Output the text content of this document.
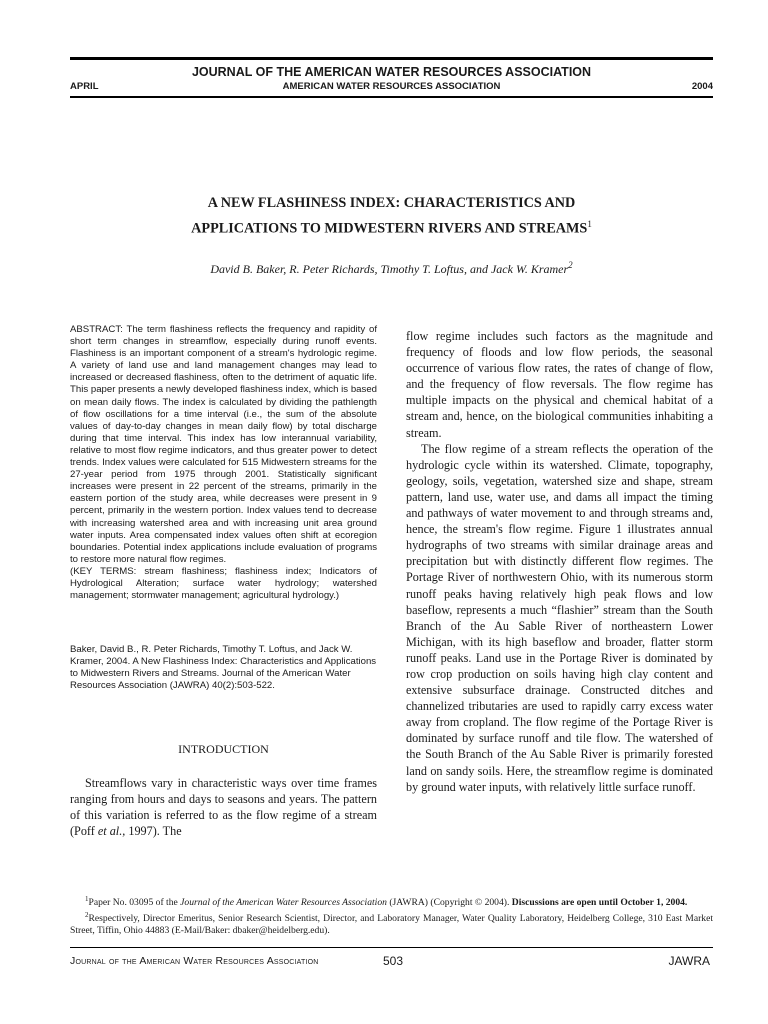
JOURNAL OF THE AMERICAN WATER RESOURCES ASSOCIATION
APRIL	AMERICAN WATER RESOURCES ASSOCIATION	2004
A NEW FLASHINESS INDEX: CHARACTERISTICS AND
APPLICATIONS TO MIDWESTERN RIVERS AND STREAMS$^1$
David B. Baker, R. Peter Richards, Timothy T. Loftus, and Jack W. Kramer$^2$

ABSTRACT: The term flashiness reflects the frequency and rapidity of short term changes in streamflow, especially during runoff events. Flashiness is an important component of a stream's hydrologic regime. A variety of land use and land management changes may lead to increased or decreased flashiness, often to the detriment of aquatic life. This paper presents a newly developed flashiness index, which is based on mean daily flows. The index is calculated by dividing the pathlength of flow oscillations for a time interval (i.e., the sum of the absolute values of day-to-day changes in mean daily flow) by total discharge during that time interval. This index has low interannual variability, relative to most flow regime indicators, and thus greater power to detect trends. Index values were calculated for 515 Midwestern streams for the 27-year period from 1975 through 2001. Statistically significant increases were present in 22 percent of the streams, primarily in the eastern portion of the study area, while decreases were present in 9 percent, primarily in the western portion. Index values tend to decrease with increasing watershed area and with increasing unit area ground water inputs. Area compensated index values often shift at ecoregion boundaries. Potential index applications include evaluation of programs to restore more natural flow regimes.

(KEY TERMS: stream flashiness; flashiness index; Indicators of Hydrological Alteration; surface water hydrology; watershed management; stormwater management; agricultural hydrology.)

Baker, David B., R. Peter Richards, Timothy T. Loftus, and Jack W. Kramer, 2004. A New Flashiness Index: Characteristics and Applications to Midwestern Rivers and Streams. Journal of the American Water Resources Association (JAWRA) 40(2):503-522.
INTRODUCTION
Streamflows vary in characteristic ways over time frames ranging from hours and days to seasons and years. The pattern of this variation is referred to as the flow regime of a stream (Poff et al., 1997). The

flow regime includes such factors as the magnitude and frequency of floods and low flow periods, the seasonal occurrence of various flow rates, the rates of change of flow, and the frequency of flow reversals. The flow regime has multiple impacts on the physical and chemical habitat of a stream and, hence, on the biological communities inhabiting a stream.

The flow regime of a stream reflects the operation of the hydrologic cycle within its watershed. Climate, topography, geology, soils, vegetation, watershed size and shape, stream pattern, land use, water use, and dams all impact the timing and pathways of water movement to and through streams and, hence, the stream's flow regime. Figure 1 illustrates annual hydrographs of two streams with similar drainage areas and precipitation but with distinctly different flow regimes. The Portage River of northwestern Ohio, with its numerous storm runoff peaks having relatively high peak flows and low baseflow, represents a much “flashier” stream than the South Branch of the Au Sable River of northeastern Lower Michigan, with its high baseflow and broader, flatter storm runoff peaks. Land use in the Portage River is dominated by row crop production on soils having high clay content and extensive subsurface drainage. Constructed ditches and channelized tributaries are used to rapidly carry excess water away from cropland. The flow regime of the Portage River is dominated by surface runoff and tile flow. The watershed of the South Branch of the Au Sable River is primarily forested land on sandy soils. Here, the streamflow regime is dominated by ground water inputs, with relatively little surface runoff.

$^1$Paper No. 03095 of the Journal of the American Water Resources Association (JAWRA) (Copyright © 2004). Discussions are open until October 1, 2004.

$^2$Respectively, Director Emeritus, Senior Research Scientist, Director, and Laboratory Manager, Water Quality Laboratory, Heidelberg College, 310 East Market Street, Tiffin, Ohio 44883 (E-Mail/Baker: dbaker@heidelberg.edu).

Journal of the American Water Resources Association	503	JAWRA
